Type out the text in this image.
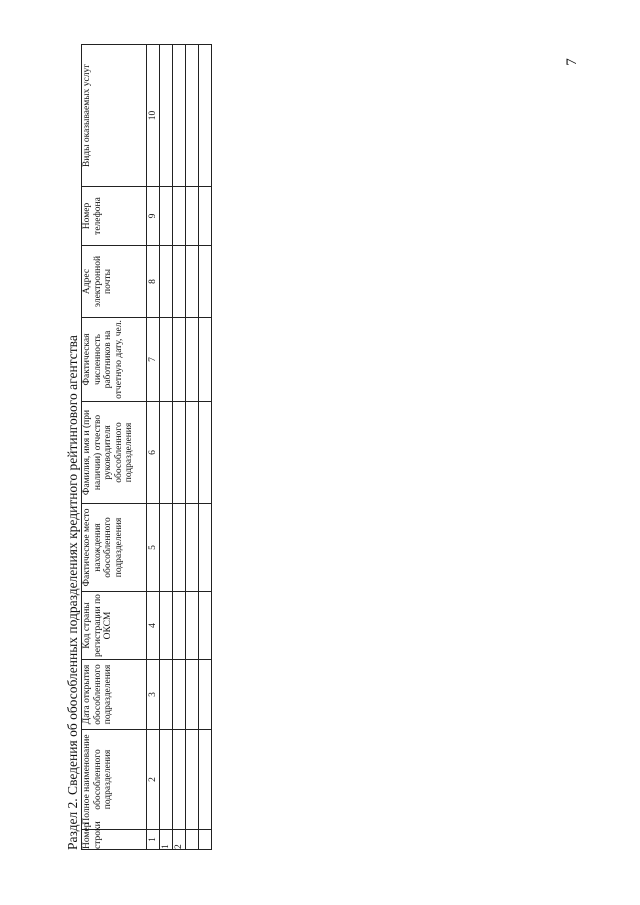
7
Раздел 2. Сведения об обособленных подразделениях кредитного рейтингового агентства Номер строки	Полное наименование обособленного подразделения	Дата открытия обособленного подразделения	Код страны регистрации по ОКСМ	Фактическое место нахождения обособленного подразделения	Фамилия, имя и (при наличии) отчество руководителя обособленного подразделения	Фактическая численность работников на отчетную дату, чел.	Адрес электронной почты	Номер телефона	Виды оказываемых услуг
1	2	3	4	5	6	7	8	9	10
1									
2									
